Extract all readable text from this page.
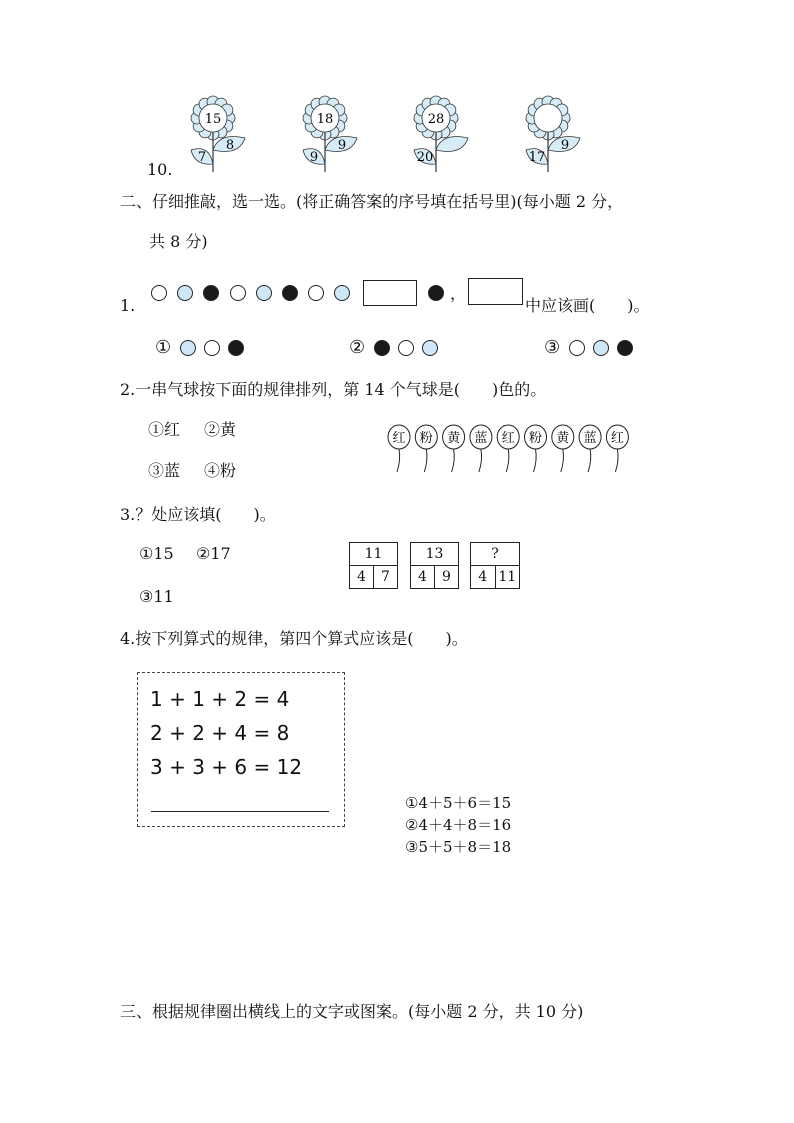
10.
15
7
8
18
9
9
28
20	17
9
二、仔细推敲，选一选。(将正确答案的序号填在括号里)(每小题 2 分，
共 8 分)
1.
，
中应该画(　　)。
①	②	③
2.一串气球按下面的规律排列，第 14 个气球是(　　)色的。
①红 ②黄
③蓝 ④粉
红 粉 黄 蓝 红 粉 黄 蓝 红
3.？处应该填(　　)。
①15 ②17
③11
11
4	7
13
4	9
?
4 11
4.按下列算式的规律，第四个算式应该是(　　)。
1 + 1 + 2 = 4
2 + 2 + 4 = 8
3 + 3 + 6 = 12
①4＋5＋6＝15
②4＋4＋8＝16
③5＋5＋8＝18
三、根据规律圈出横线上的文字或图案。(每小题 2 分，共 10 分)
